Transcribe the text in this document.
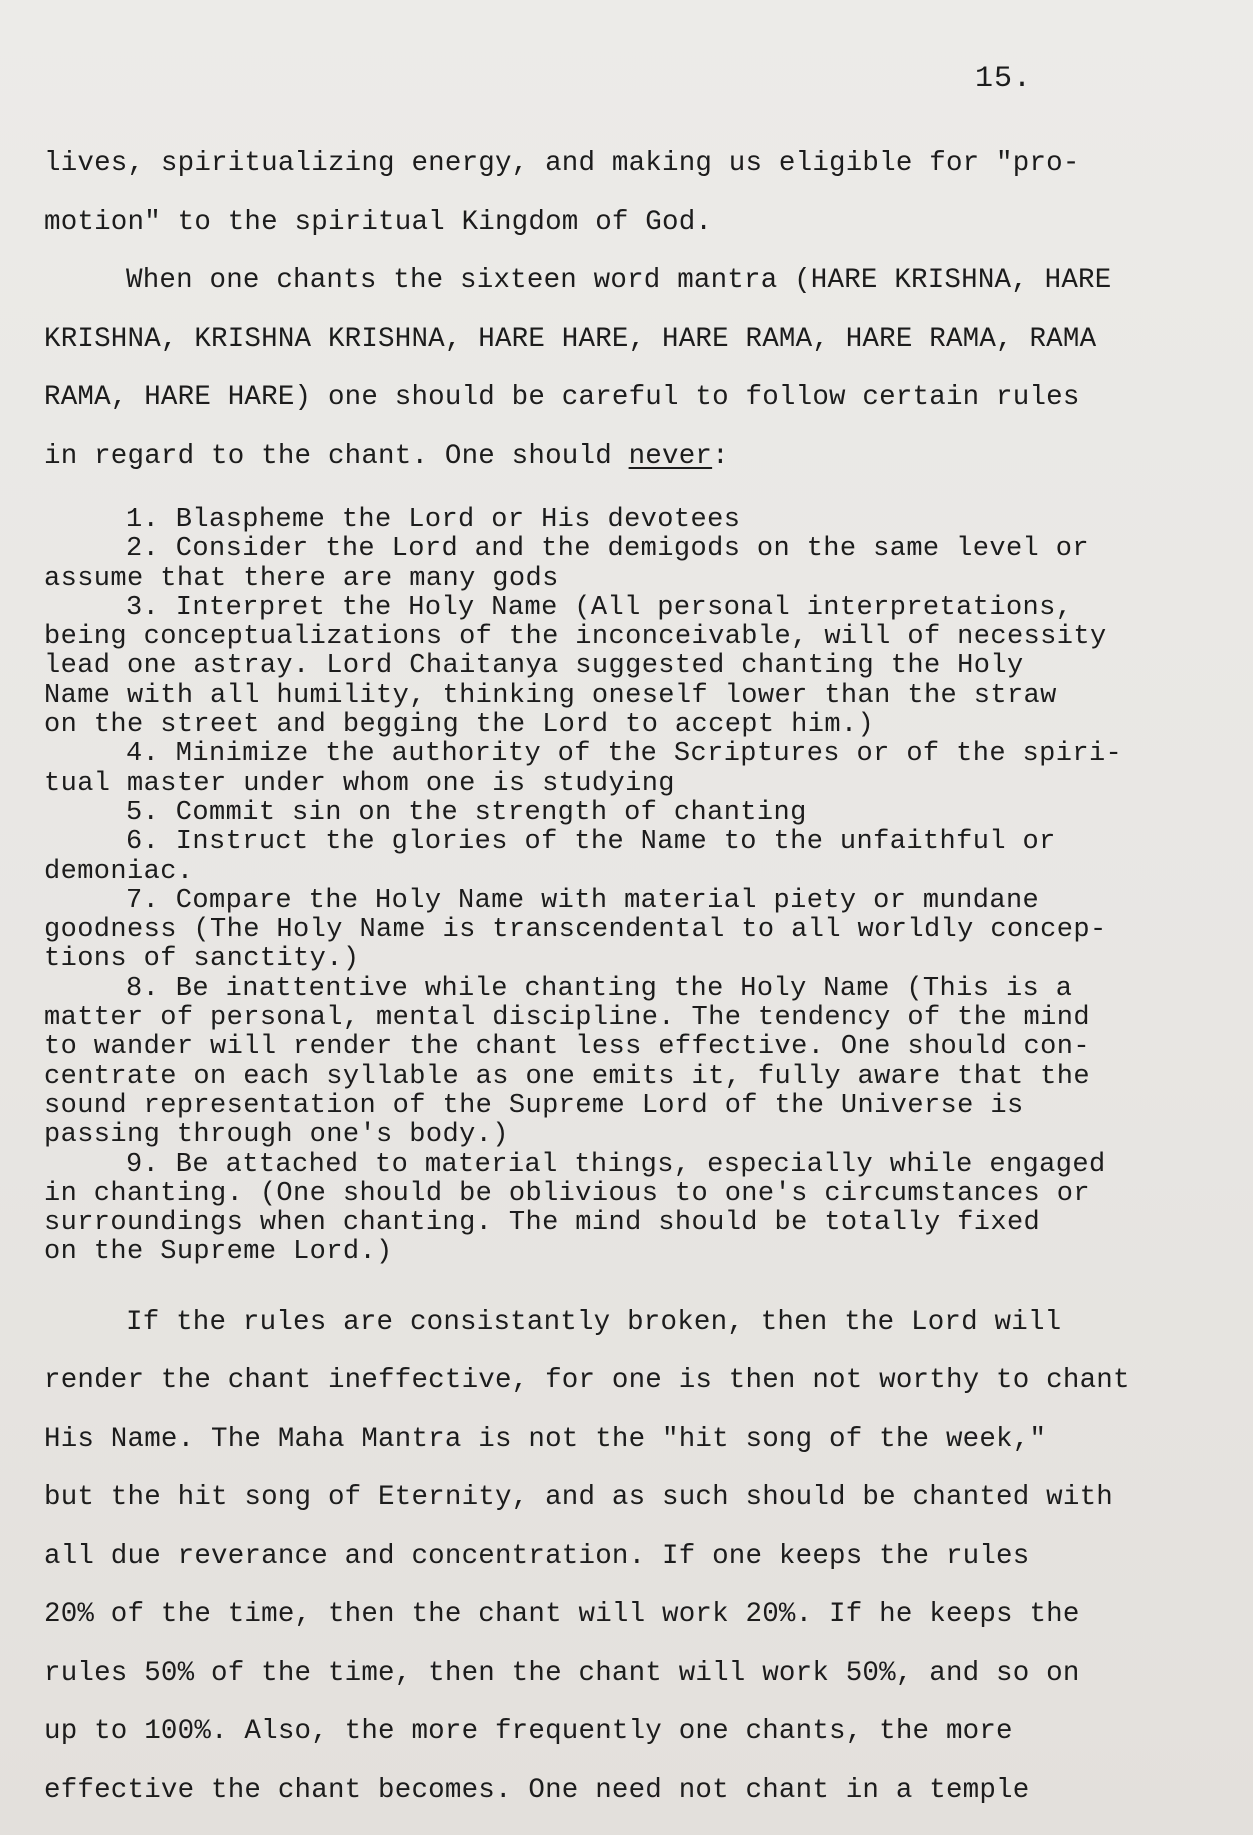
15.

lives, spiritualizing energy, and making us eligible for "pro-
motion" to the spiritual Kingdom of God.

When one chants the sixteen word mantra (HARE KRISHNA, HARE
KRISHNA, KRISHNA KRISHNA, HARE HARE, HARE RAMA, HARE RAMA, RAMA
RAMA, HARE HARE) one should be careful to follow certain rules
in regard to the chant. One should never:

1. Blaspheme the Lord or His devotees
2. Consider the Lord and the demigods on the same level or
assume that there are many gods
3. Interpret the Holy Name (All personal interpretations,
being conceptualizations of the inconceivable, will of necessity
lead one astray. Lord Chaitanya suggested chanting the Holy
Name with all humility, thinking oneself lower than the straw
on the street and begging the Lord to accept him.)
4. Minimize the authority of the Scriptures or of the spiri-
tual master under whom one is studying
5. Commit sin on the strength of chanting
6. Instruct the glories of the Name to the unfaithful or
demoniac.
7. Compare the Holy Name with material piety or mundane
goodness (The Holy Name is transcendental to all worldly concep-
tions of sanctity.)
8. Be inattentive while chanting the Holy Name (This is a
matter of personal, mental discipline. The tendency of the mind
to wander will render the chant less effective. One should con-
centrate on each syllable as one emits it, fully aware that the
sound representation of the Supreme Lord of the Universe is
passing through one's body.)
9. Be attached to material things, especially while engaged
in chanting. (One should be oblivious to one's circumstances or
surroundings when chanting. The mind should be totally fixed
on the Supreme Lord.)

If the rules are consistantly broken, then the Lord will
render the chant ineffective, for one is then not worthy to chant
His Name. The Maha Mantra is not the "hit song of the week,"
but the hit song of Eternity, and as such should be chanted with
all due reverance and concentration. If one keeps the rules
20% of the time, then the chant will work 20%. If he keeps the
rules 50% of the time, then the chant will work 50%, and so on
up to 100%. Also, the more frequently one chants, the more
effective the chant becomes. One need not chant in a temple
